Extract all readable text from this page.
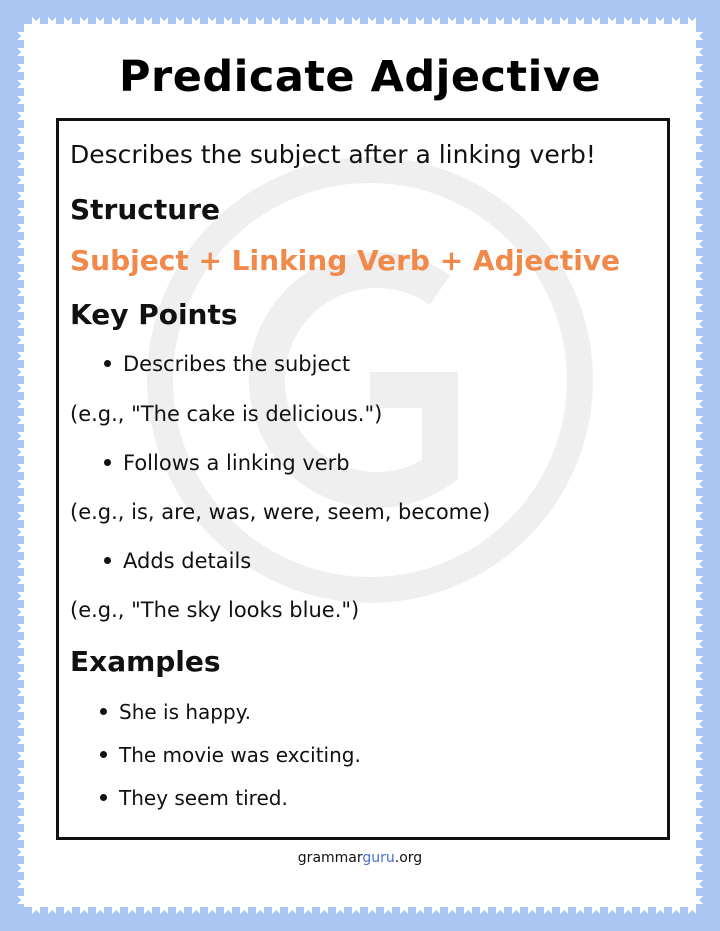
Predicate Adjective
Describes the subject after a linking verb!
Structure
Subject + Linking Verb + Adjective
Key Points
Describes the subject
(e.g., "The cake is delicious.")
Follows a linking verb
(e.g., is, are, was, were, seem, become)
Adds details
(e.g., "The sky looks blue.")
Examples
She is happy.
The movie was exciting.
They seem tired.
grammarguru.org
